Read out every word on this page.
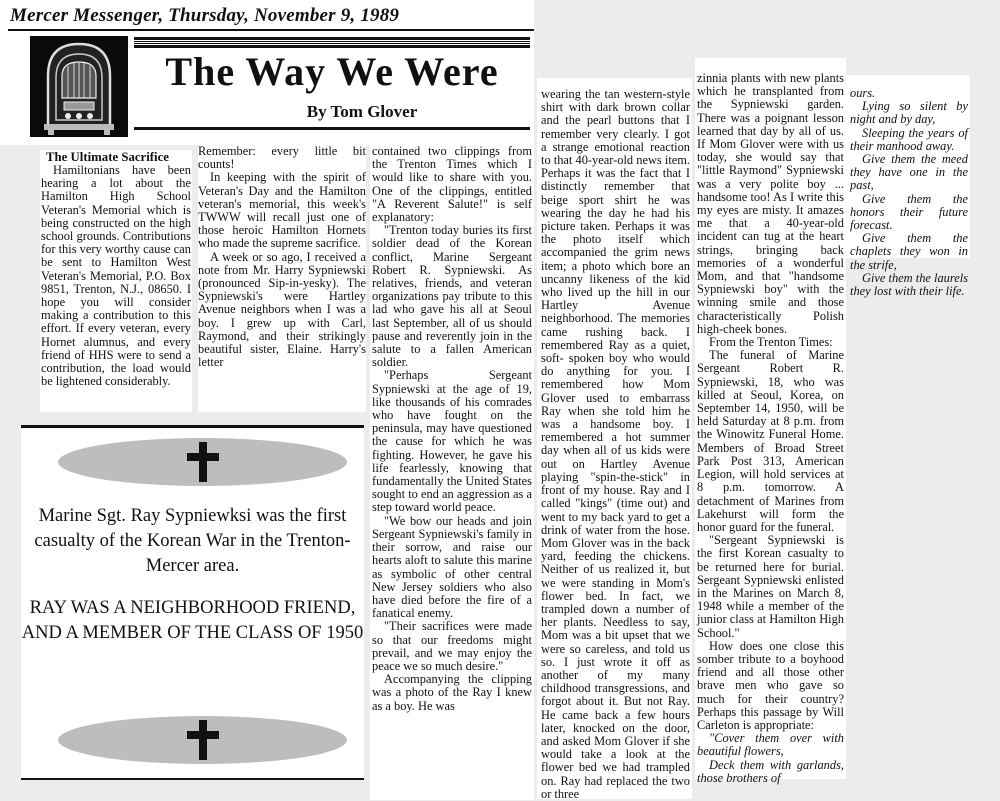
Mercer Messenger, Thursday, November 9, 1989
The Way We Were
By Tom Glover
The Ultimate Sacrifice

Hamiltonians have been hearing a lot about the Hamilton High School Veteran's Memorial which is being constructed on the high school grounds. Contributions for this very worthy cause can be sent to Hamilton West Veteran's Memorial, P.O. Box 9851, Trenton, N.J., 08650. I hope you will consider making a contribution to this effort. If every veteran, every Hornet alumnus, and every friend of HHS were to send a contribution, the load would be lightened considerably.

Remember: every little bit counts!

In keeping with the spirit of Veteran's Day and the Hamilton veteran's memorial, this week's TWWW will recall just one of those heroic Hamilton Hornets who made the supreme sacrifice.

A week or so ago, I received a note from Mr. Harry Sypniewski (pronounced Sip-in-yesky). The Sypniewski's were Hartley Avenue neighbors when I was a boy. I grew up with Carl, Raymond, and their strikingly beautiful sister, Elaine. Harry's letter

contained two clippings from the Trenton Times which I would like to share with you. One of the clippings, entitled "A Reverent Salute!" is self explanatory:

"Trenton today buries its first soldier dead of the Korean conflict, Marine Sergeant Robert R. Sypniewski. As relatives, friends, and veteran organizations pay tribute to this lad who gave his all at Seoul last September, all of us should pause and reverently join in the salute to a fallen American soldier.

"Perhaps Sergeant Sypniewski at the age of 19, like thousands of his comrades who have fought on the peninsula, may have questioned the cause for which he was fighting. However, he gave his life fearlessly, knowing that fundamentally the United States sought to end an aggression as a step toward world peace.

"We bow our heads and join Sergeant Sypniewski's family in their sorrow, and raise our hearts aloft to salute this marine as symbolic of other central New Jersey soldiers who also have died before the fire of a fanatical enemy.

"Their sacrifices were made so that our freedoms might prevail, and we may enjoy the peace we so much desire."

Accompanying the clipping was a photo of the Ray I knew as a boy. He was

wearing the tan western-style shirt with dark brown collar and the pearl buttons that I remember very clearly. I got a strange emotional reaction to that 40-year-old news item. Perhaps it was the fact that I distinctly remember that beige sport shirt he was wearing the day he had his picture taken. Perhaps it was the photo itself which accompanied the grim news item; a photo which bore an uncanny likeness of the kid who lived up the hill in our Hartley Avenue neighborhood. The memories came rushing back. I remembered Ray as a quiet, soft- spoken boy who would do anything for you. I remembered how Mom Glover used to embarrass Ray when she told him he was a handsome boy. I remembered a hot summer day when all of us kids were out on Hartley Avenue playing "spin-the-stick" in front of my house. Ray and I called "kings" (time out) and went to my back yard to get a drink of water from the hose. Mom Glover was in the back yard, feeding the chickens. Neither of us realized it, but we were standing in Mom's flower bed. In fact, we trampled down a number of her plants. Needless to say, Mom was a bit upset that we were so careless, and told us so. I just wrote it off as another of my many childhood transgressions, and forgot about it. But not Ray. He came back a few hours later, knocked on the door, and asked Mom Glover if she would take a look at the flower bed we had trampled on. Ray had replaced the two or three

zinnia plants with new plants which he transplanted from the Sypniewski garden. There was a poignant lesson learned that day by all of us. If Mom Glover were with us today, she would say that "little Raymond" Sypniewski was a very polite boy ... handsome too! As I write this my eyes are misty. It amazes me that a 40-year-old incident can tug at the heart strings, bringing back memories of a wonderful Mom, and that "handsome Sypniewski boy" with the winning smile and those characteristically Polish high-cheek bones.

From the Trenton Times:

The funeral of Marine Sergeant Robert R. Sypniewski, 18, who was killed at Seoul, Korea, on September 14, 1950, will be held Saturday at 8 p.m. from the Winowitz Funeral Home. Members of Broad Street Park Post 313, American Legion, will hold services at 8 p.m. tomorrow. A detachment of Marines from Lakehurst will form the honor guard for the funeral.

"Sergeant Sypniewski is the first Korean casualty to be returned here for burial. Sergeant Sypniewski enlisted in the Marines on March 8, 1948 while a member of the junior class at Hamilton High School."

How does one close this somber tribute to a boyhood friend and all those other brave men who gave so much for their country? Perhaps this passage by Will Carleton is appropriate:

"Cover them over with beautiful flowers,

Deck them with garlands, those brothers of

ours.

Lying so silent by night and by day,

Sleeping the years of their manhood away.

Give them the meed they have one in the past,

Give them the honors their future forecast.

Give them the chaplets they won in the strife,

Give them the laurels they lost with their life.

Marine Sgt. Ray Sypniewksi was the first casualty of the Korean War in the Trenton-Mercer area.
RAY WAS A NEIGHBORHOOD FRIEND, AND A MEMBER OF THE CLASS OF 1950
